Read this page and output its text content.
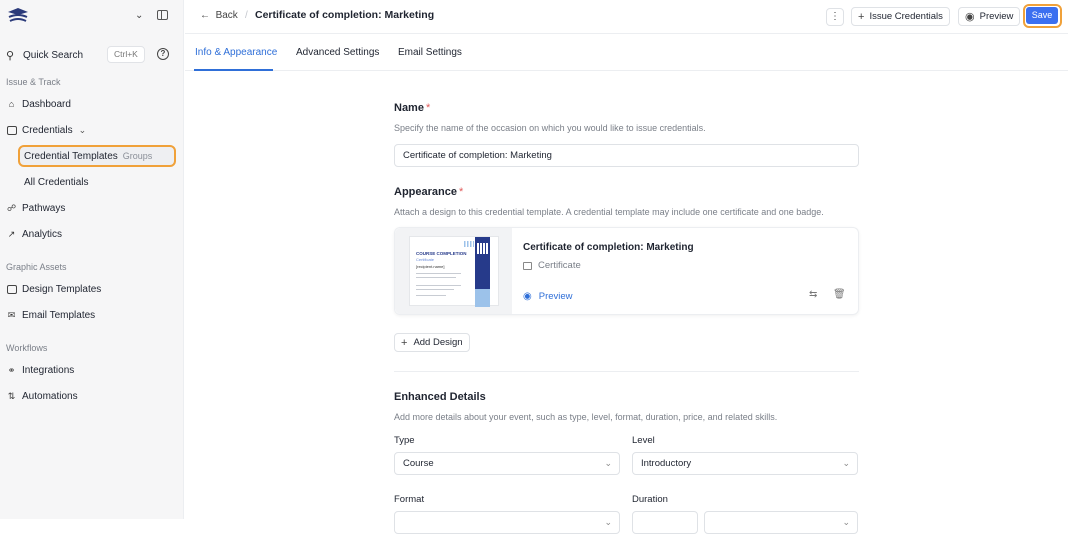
⌄
⚲ Quick Search	Ctrl+K	?
Issue & Track
⌂ Dashboard
Credentials ⌄
Credential Templates Groups
All Credentials
☍ Pathways
↗ Analytics
Graphic Assets
Design Templates
✉ Email Templates
Workflows
⚭ Integrations
⇅ Automations
← Back / Certificate of completion: Marketing	⋮	+ Issue Credentials ◉ Preview	Save
Info & Appearance Advanced Settings Email Settings
Name *
Specify the name of the occasion on which you would like to issue credentials.
Certificate of completion: Marketing
Appearance *
Attach a design to this credential template. A credential template may include one certificate and one badge.
COURSE COMPLETION
Certificate
[recipient.name]
Certificate of completion: Marketing
Certificate
◉ Preview	⇆ 🗑
+ Add Design
Enhanced Details
Add more details about your event, such as type, level, format, duration, price, and related skills.
Type
Course	⌄
Level
Introductory	⌄
Format
⌄
Duration
⌄
